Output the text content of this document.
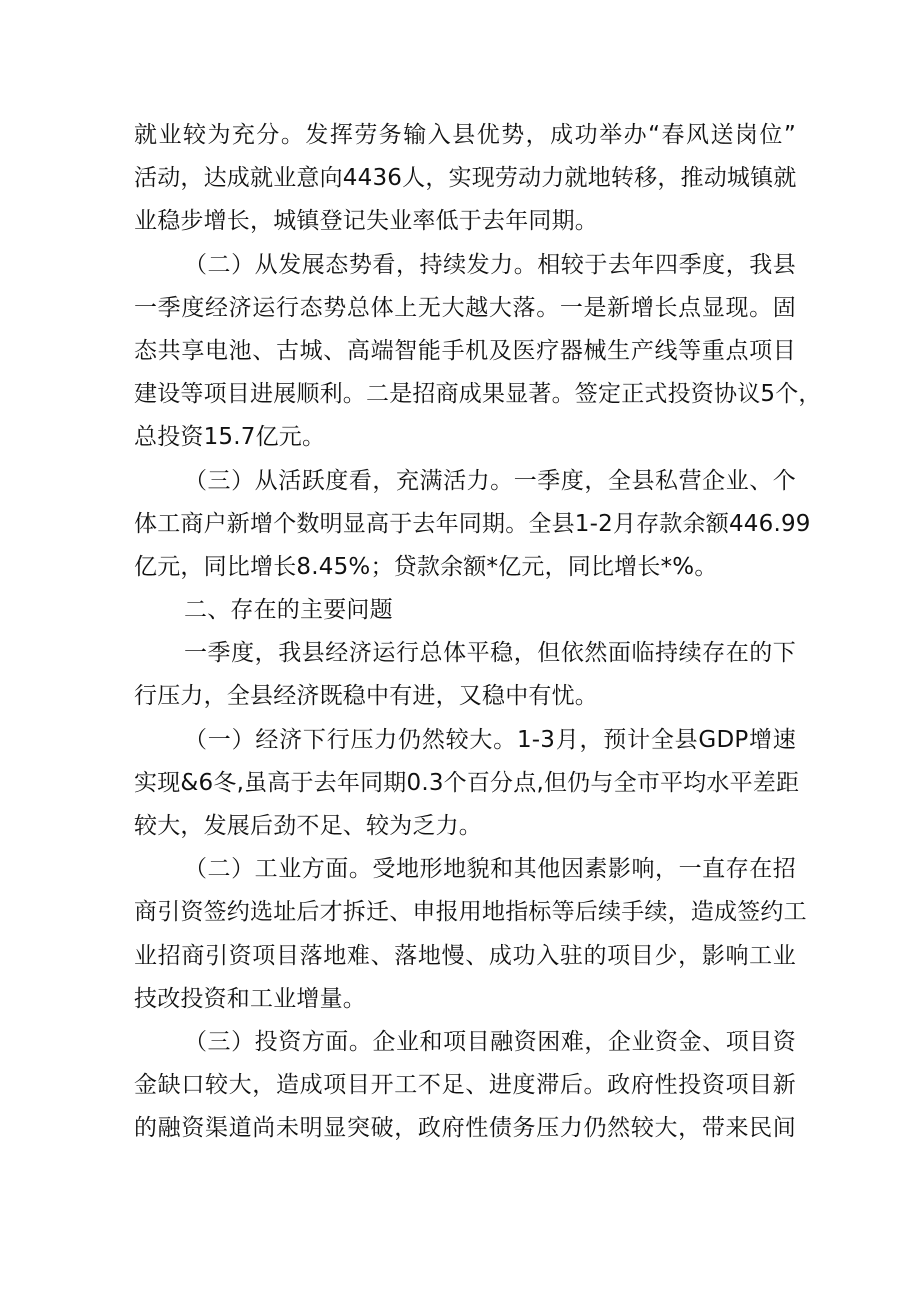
就业较为充分。发挥劳务输入县优势，成功举办“春风送岗位”
活动，达成就业意向4436人，实现劳动力就地转移，推动城镇就
业稳步增长，城镇登记失业率低于去年同期。
（二）从发展态势看，持续发力。相较于去年四季度，我县
一季度经济运行态势总体上无大越大落。一是新增长点显现。固
态共享电池、古城、高端智能手机及医疗器械生产线等重点项目
建设等项目进展顺利。二是招商成果显著。签定正式投资协议5个，
总投资15.7亿元。
（三）从活跃度看，充满活力。一季度，全县私营企业、个
体工商户新增个数明显高于去年同期。全县1-2月存款余额446.99
亿元，同比增长8.45%；贷款余额*亿元，同比增长*%。
二、存在的主要问题
一季度，我县经济运行总体平稳，但依然面临持续存在的下
行压力，全县经济既稳中有进，又稳中有忧。
（一）经济下行压力仍然较大。1-3月，预计全县GDP增速
实现&6冬,虽高于去年同期0.3个百分点,但仍与全市平均水平差距
较大，发展后劲不足、较为乏力。
（二）工业方面。受地形地貌和其他因素影响，一直存在招
商引资签约选址后才拆迁、申报用地指标等后续手续，造成签约工
业招商引资项目落地难、落地慢、成功入驻的项目少，影响工业
技改投资和工业增量。
（三）投资方面。企业和项目融资困难，企业资金、项目资
金缺口较大，造成项目开工不足、进度滞后。政府性投资项目新
的融资渠道尚未明显突破，政府性债务压力仍然较大，带来民间
